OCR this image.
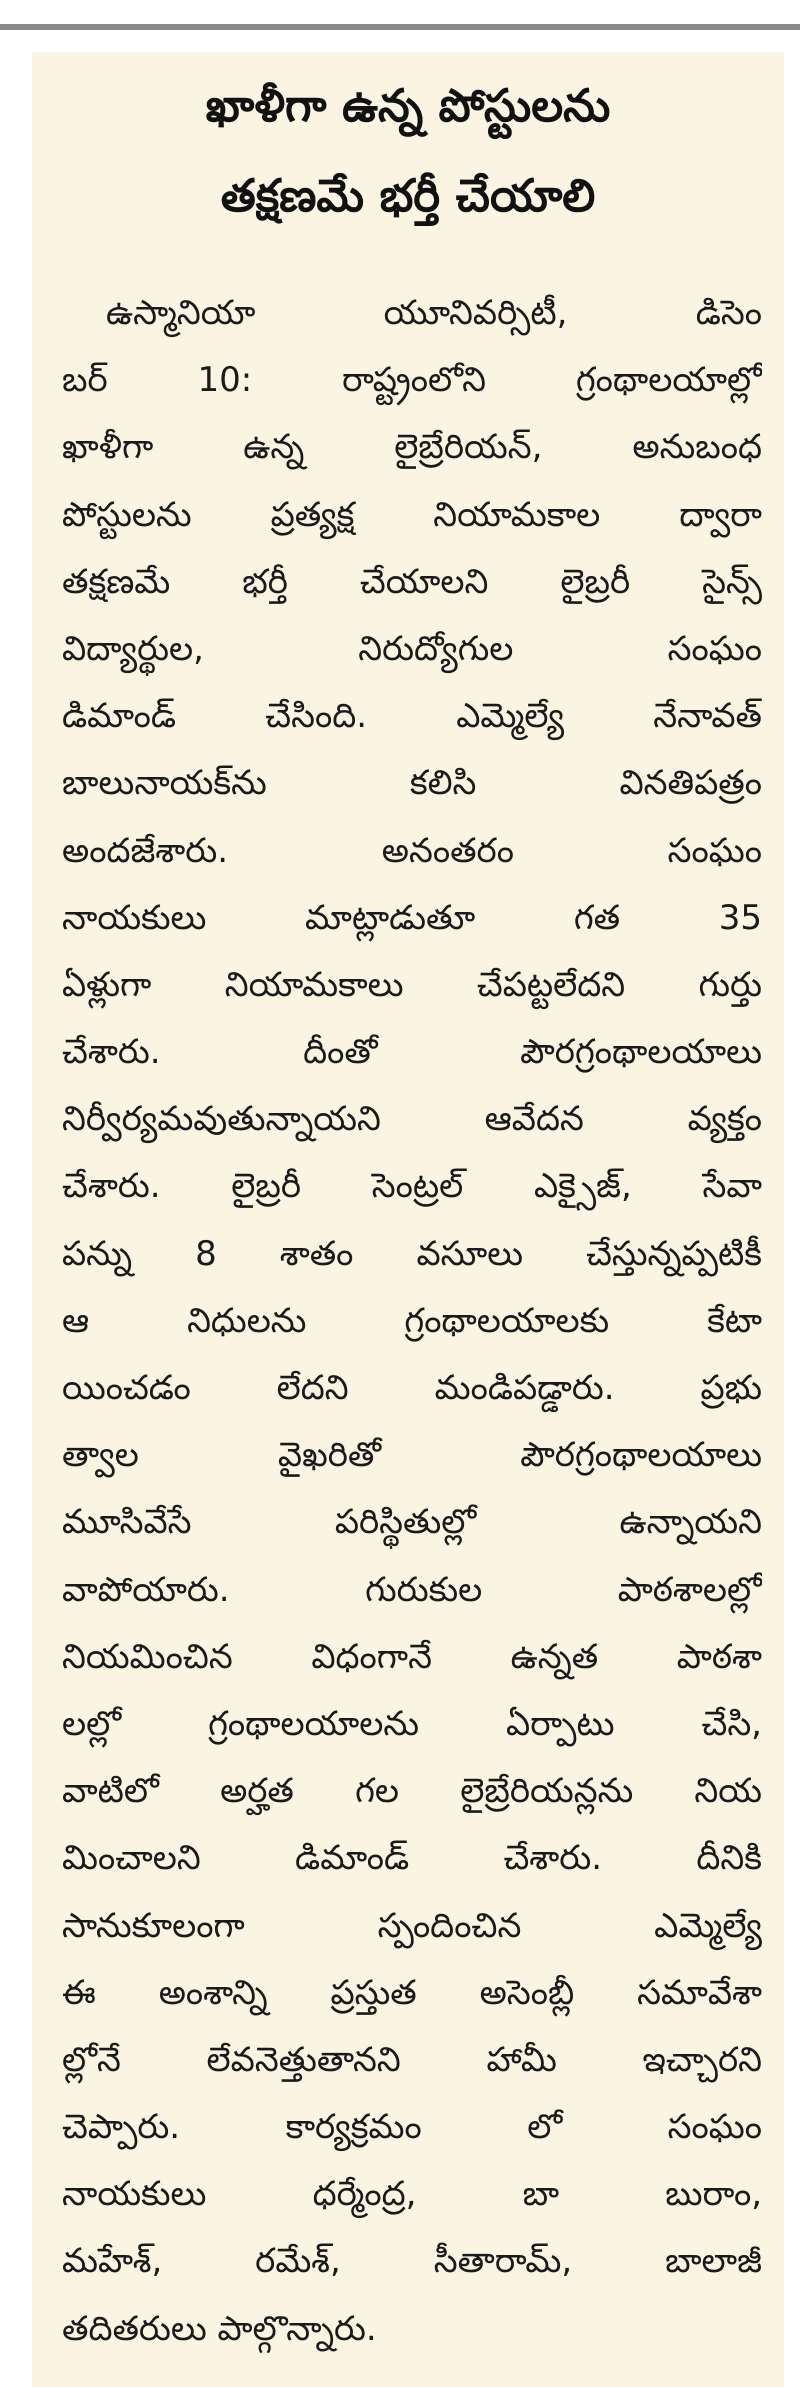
ఖాళీగా ఉన్న పోస్టులను
తక్షణమే భర్తీ చేయాలి
ఉస్మానియా యూనివర్సిటీ, డిసెం
బర్ 10: రాష్ట్రంలోని గ్రంథాలయాల్లో
ఖాళీగా ఉన్న లైబ్రేరియన్, అనుబంధ
పోస్టులను ప్రత్యక్ష నియామకాల ద్వారా
తక్షణమే భర్తీ చేయాలని లైబ్రరీ సైన్స్
విద్యార్థుల, నిరుద్యోగుల సంఘం
డిమాండ్ చేసింది. ఎమ్మెల్యే నేనావత్
బాలునాయక్‌ను కలిసి వినతిపత్రం
అందజేశారు. అనంతరం సంఘం
నాయకులు మాట్లాడుతూ గత 35
ఏళ్లుగా నియామకాలు చేపట్టలేదని గుర్తు
చేశారు. దీంతో పౌరగ్రంథాలయాలు
నిర్వీర్యమవుతున్నాయని ఆవేదన వ్యక్తం
చేశారు. లైబ్రరీ సెంట్రల్ ఎక్సైజ్, సేవా
పన్ను 8 శాతం వసూలు చేస్తున్నప్పటికీ
ఆ నిధులను గ్రంథాలయాలకు కేటా
యించడం లేదని మండిపడ్డారు. ప్రభు
త్వాల వైఖరితో పౌరగ్రంథాలయాలు
మూసివేసే పరిస్థితుల్లో ఉన్నాయని
వాపోయారు. గురుకుల పాఠశాలల్లో
నియమించిన విధంగానే ఉన్నత పాఠశా
లల్లో గ్రంథాలయాలను ఏర్పాటు చేసి,
వాటిలో అర్హత గల లైబ్రేరియన్లను నియ
మించాలని డిమాండ్ చేశారు. దీనికి
సానుకూలంగా స్పందించిన ఎమ్మెల్యే
ఈ అంశాన్ని ప్రస్తుత అసెంబ్లీ సమావేశా
ల్లోనే లేవనెత్తుతానని హామీ ఇచ్చారని
చెప్పారు. కార్యక్రమం లో సంఘం
నాయకులు ధర్మేంద్ర, బా బురాం,
మహేశ్, రమేశ్, సీతారామ్, బాలాజీ
తదితరులు పాల్గొన్నారు.
